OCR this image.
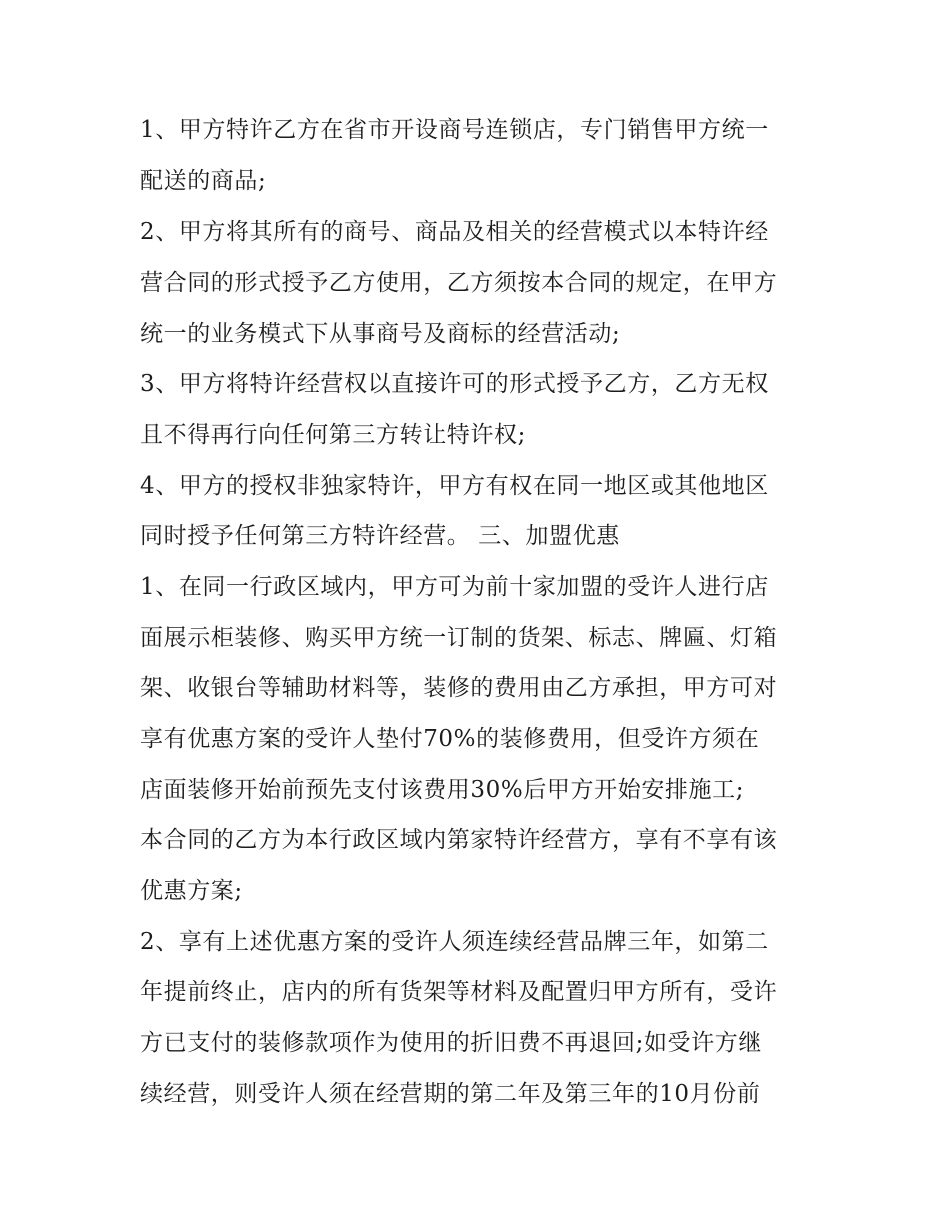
1、甲方特许乙方在省市开设商号连锁店，专门销售甲方统一
配送的商品;
2、甲方将其所有的商号、商品及相关的经营模式以本特许经
营合同的形式授予乙方使用，乙方须按本合同的规定，在甲方
统一的业务模式下从事商号及商标的经营活动;
3、甲方将特许经营权以直接许可的形式授予乙方，乙方无权
且不得再行向任何第三方转让特许权;
4、甲方的授权非独家特许，甲方有权在同一地区或其他地区
同时授予任何第三方特许经营。 三、加盟优惠
1、在同一行政区域内，甲方可为前十家加盟的受许人进行店
面展示柜装修、购买甲方统一订制的货架、标志、牌匾、灯箱
架、收银台等辅助材料等，装修的费用由乙方承担，甲方可对
享有优惠方案的受许人垫付70%的装修费用，但受许方须在
店面装修开始前预先支付该费用30%后甲方开始安排施工;
本合同的乙方为本行政区域内第家特许经营方，享有不享有该
优惠方案;
2、享有上述优惠方案的受许人须连续经营品牌三年，如第二
年提前终止，店内的所有货架等材料及配置归甲方所有，受许
方已支付的装修款项作为使用的折旧费不再退回;如受许方继
续经营，则受许人须在经营期的第二年及第三年的10月份前
